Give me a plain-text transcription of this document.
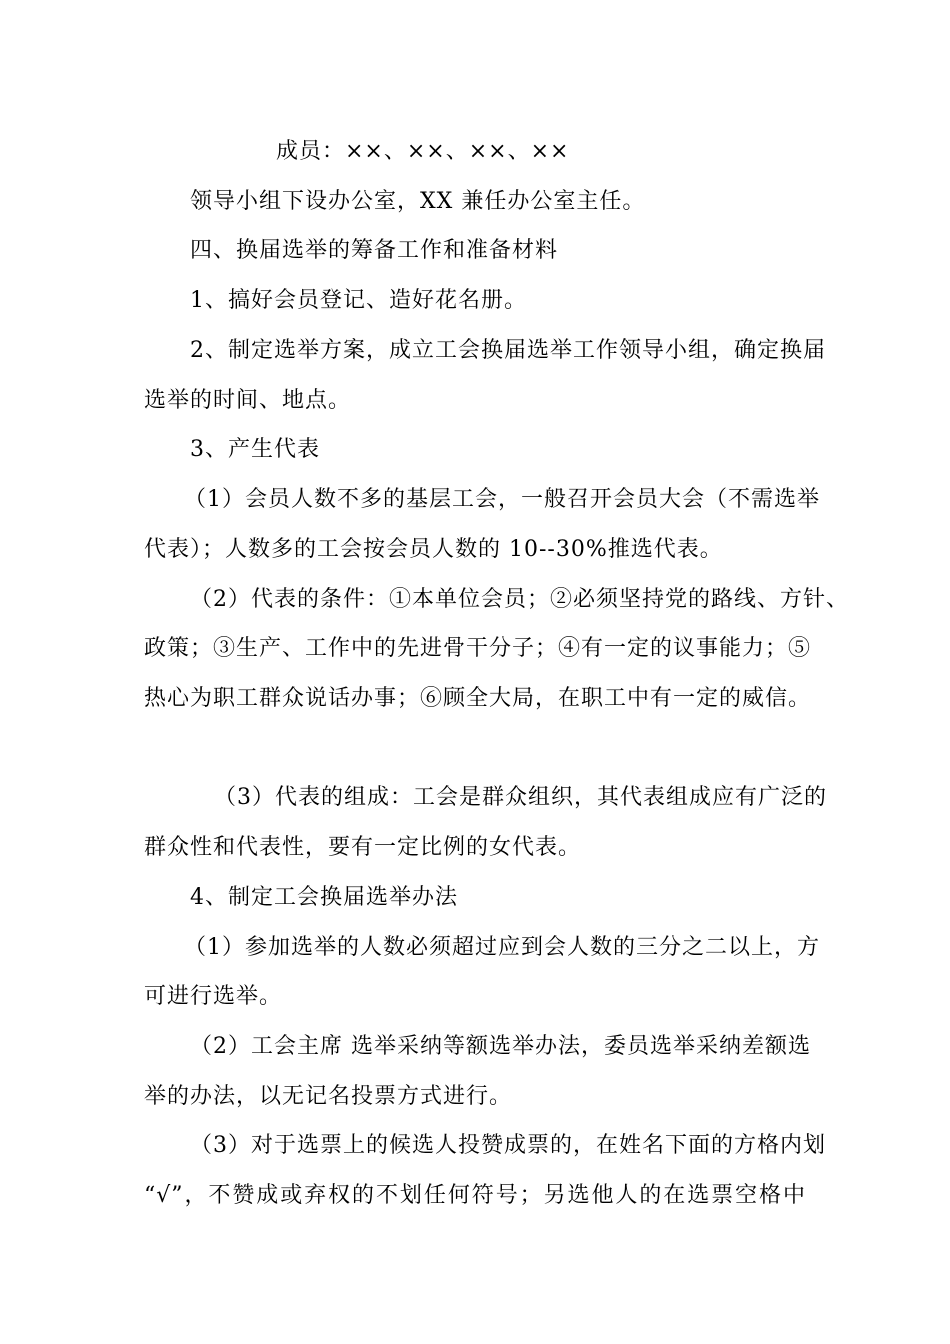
成员：××、××、××、××
领导小组下设办公室，XX 兼任办公室主任。
四、换届选举的筹备工作和准备材料
1、搞好会员登记、造好花名册。
2、制定选举方案，成立工会换届选举工作领导小组，确定换届
选举的时间、地点。
3、产生代表
（1）会员人数不多的基层工会，一般召开会员大会（不需选举
代表）；人数多的工会按会员人数的 10--30%推选代表。
（2）代表的条件：①本单位会员；②必须坚持党的路线、方针、
政策；③生产、工作中的先进骨干分子；④有一定的议事能力；⑤
热心为职工群众说话办事；⑥顾全大局，在职工中有一定的威信。
（3）代表的组成：工会是群众组织，其代表组成应有广泛的
群众性和代表性，要有一定比例的女代表。
4、制定工会换届选举办法
（1）参加选举的人数必须超过应到会人数的三分之二以上，方
可进行选举。
（2）工会主席 选举采纳等额选举办法，委员选举采纳差额选
举的办法，以无记名投票方式进行。
（3）对于选票上的候选人投赞成票的，在姓名下面的方格内划
“√”，不赞成或弃权的不划任何符号；另选他人的在选票空格中
